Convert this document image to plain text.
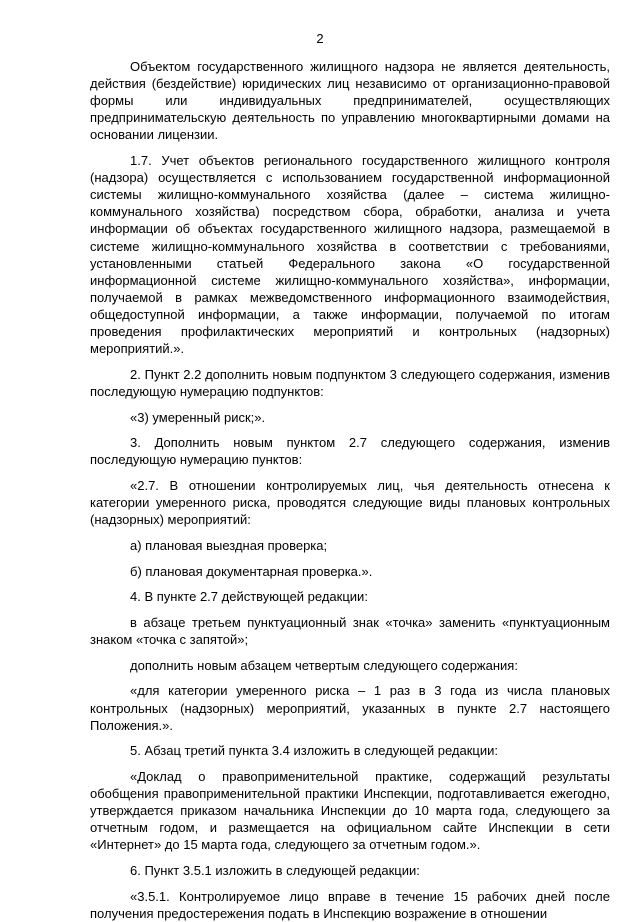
2

Объектом государственного жилищного надзора не является деятельность, действия (бездействие) юридических лиц независимо от организационно-правовой формы или индивидуальных предпринимателей, осуществляющих предпринимательскую деятельность по управлению многоквартирными домами на основании лицензии.

1.7. Учет объектов регионального государственного жилищного контроля (надзора) осуществляется с использованием государственной информационной системы жилищно-коммунального хозяйства (далее – система жилищно-коммунального хозяйства) посредством сбора, обработки, анализа и учета информации об объектах государственного жилищного надзора, размещаемой в системе жилищно-коммунального хозяйства в соответствии с требованиями, установленными статьей Федерального закона «О государственной информационной системе жилищно-коммунального хозяйства», информации, получаемой в рамках межведомственного информационного взаимодействия, общедоступной информации, а также информации, получаемой по итогам проведения профилактических мероприятий и контрольных (надзорных) мероприятий.».

2. Пункт 2.2 дополнить новым подпунктом 3 следующего содержания, изменив последующую нумерацию подпунктов:

«3) умеренный риск;».

3. Дополнить новым пунктом 2.7 следующего содержания, изменив последующую нумерацию пунктов:

«2.7. В отношении контролируемых лиц, чья деятельность отнесена к категории умеренного риска, проводятся следующие виды плановых контрольных (надзорных) мероприятий:

а) плановая выездная проверка;

б) плановая документарная проверка.».

4. В пункте 2.7 действующей редакции:

в абзаце третьем пунктуационный знак «точка» заменить «пунктуационным знаком «точка с запятой»;

дополнить новым абзацем четвертым следующего содержания:

«для категории умеренного риска – 1 раз в 3 года из числа плановых контрольных (надзорных) мероприятий, указанных в пункте 2.7 настоящего Положения.».

5. Абзац третий пункта 3.4 изложить в следующей редакции:

«Доклад о правоприменительной практике, содержащий результаты обобщения правоприменительной практики Инспекции, подготавливается ежегодно, утверждается приказом начальника Инспекции до 10 марта года, следующего за отчетным годом, и размещается на официальном сайте Инспекции в сети «Интернет» до 15 марта года, следующего за отчетным годом.».

6. Пункт 3.5.1 изложить в следующей редакции:

«3.5.1. Контролируемое лицо вправе в течение 15 рабочих дней после получения предостережения подать в Инспекцию возражение в отношении
